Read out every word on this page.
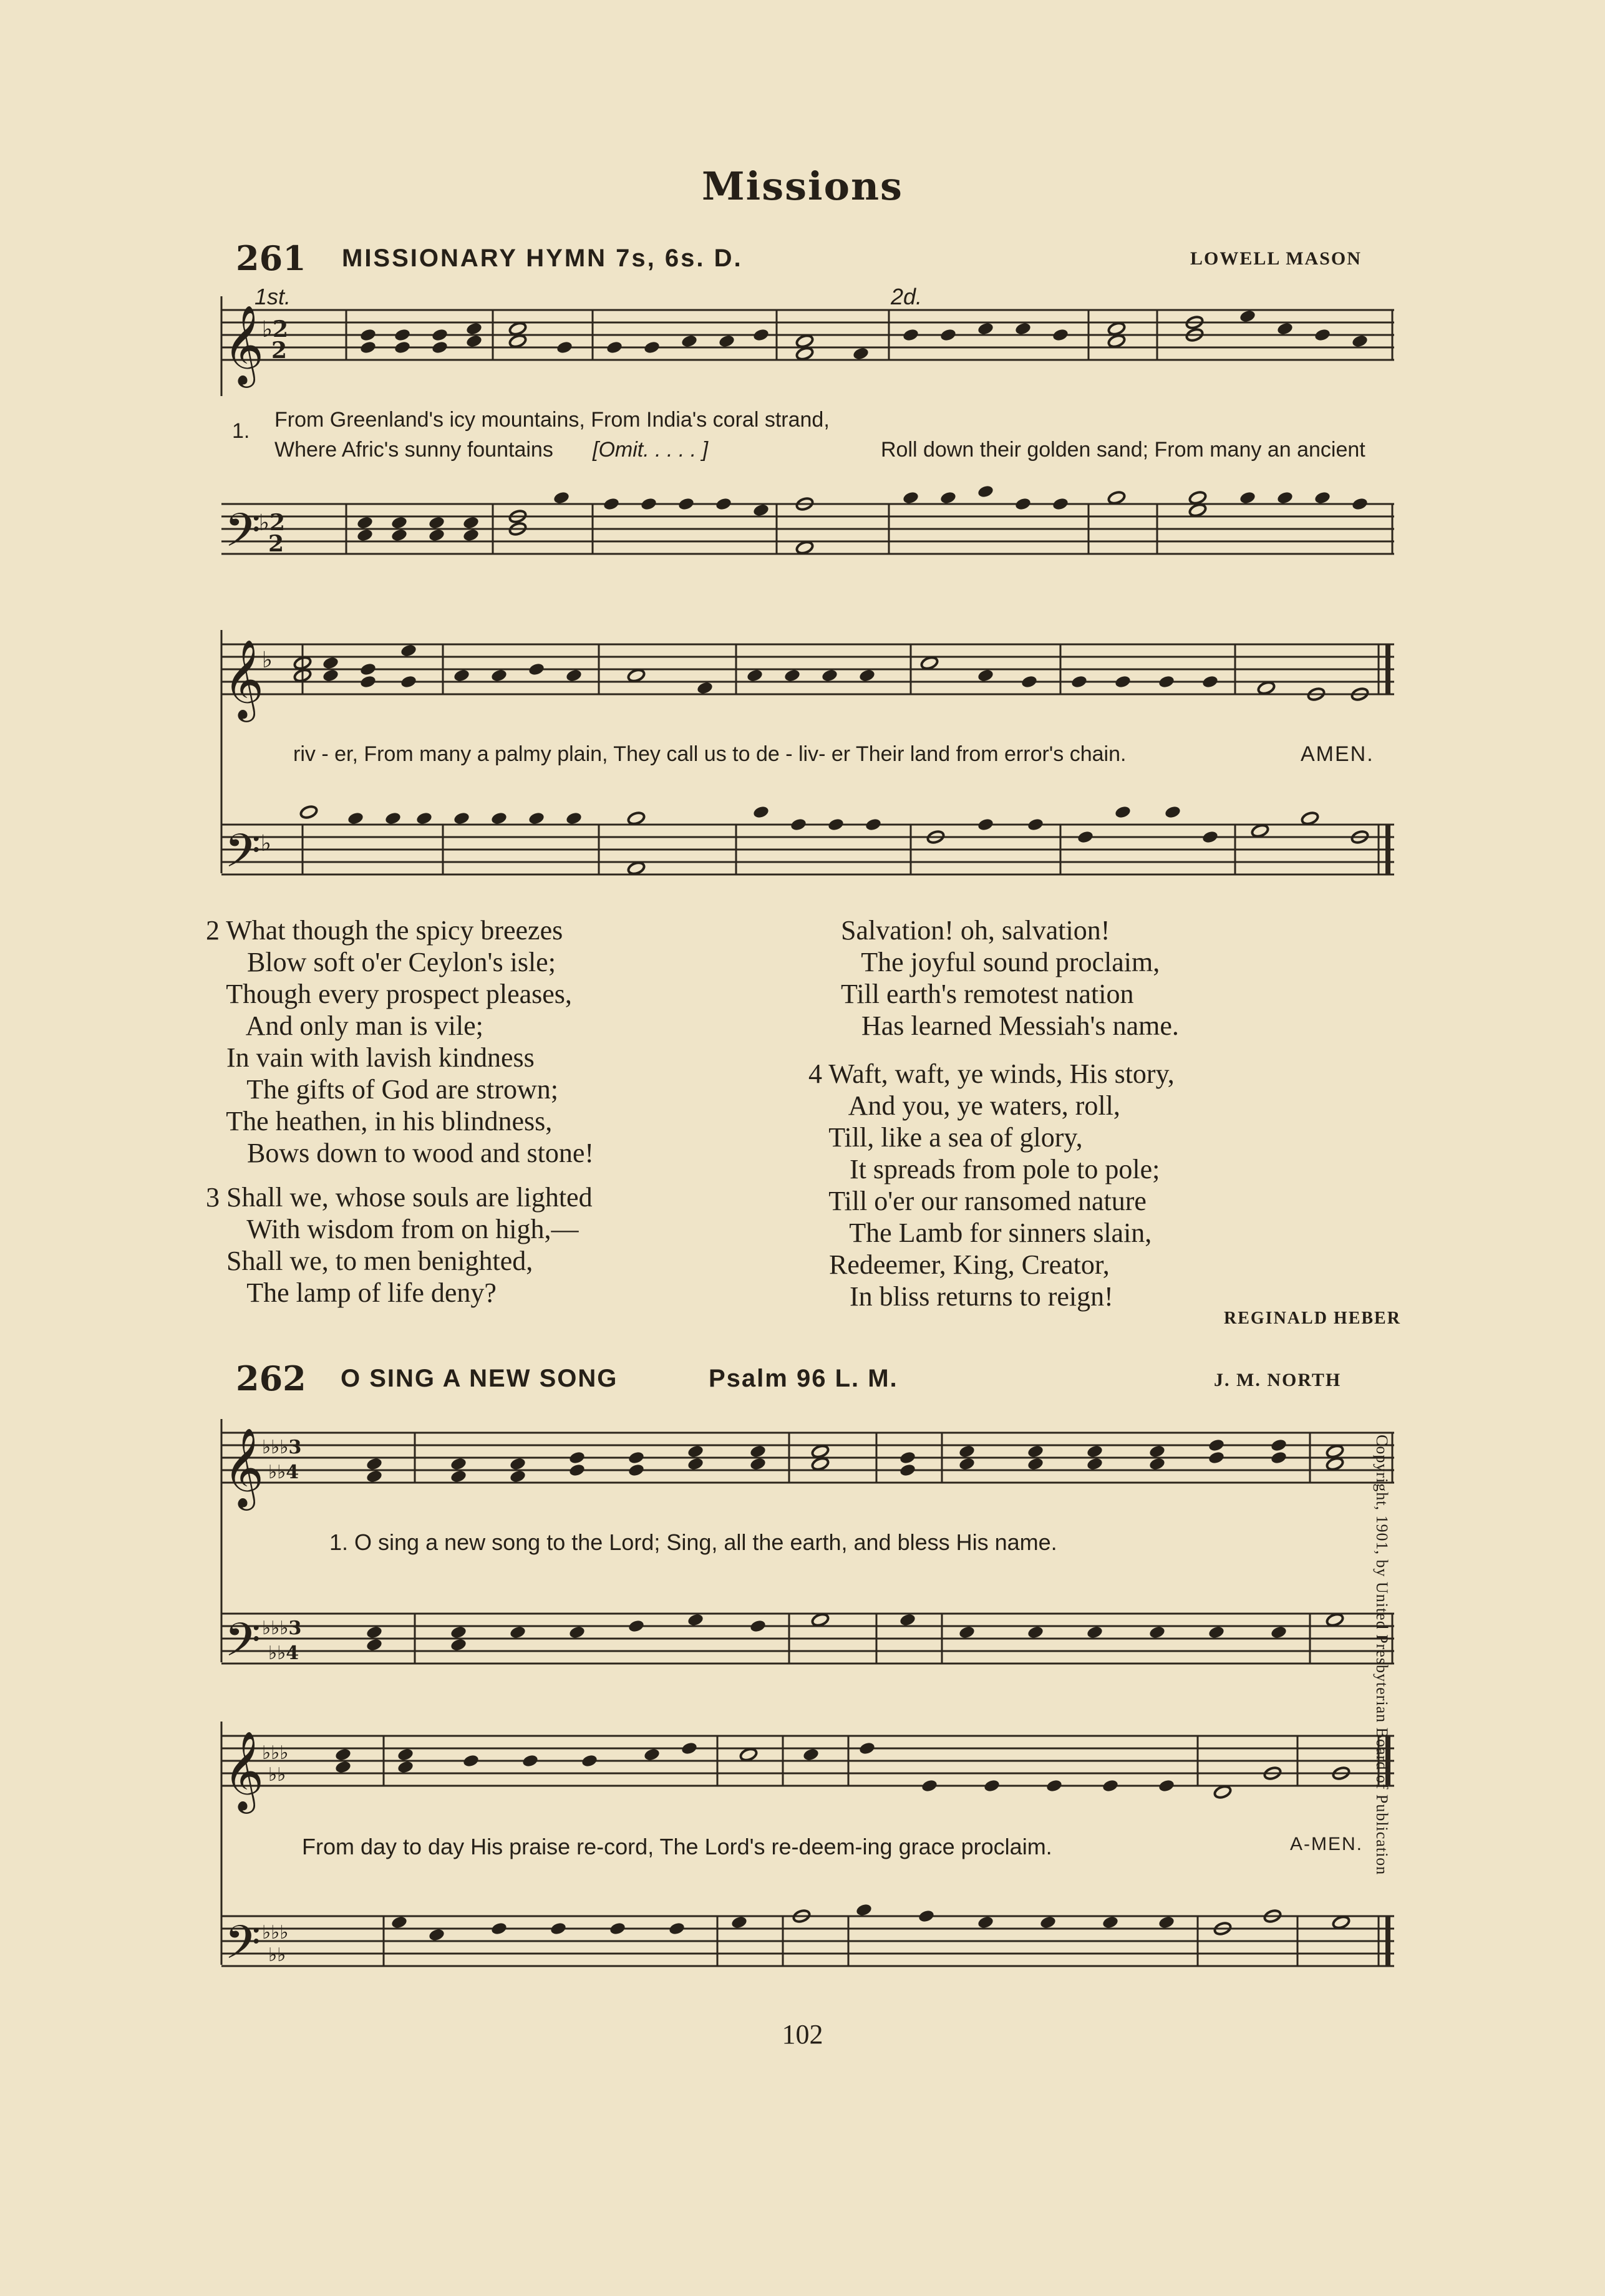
Missions
261 MISSIONARY HYMN 7s, 6s. D.	LOWELL MASON
𝄞
𝄢
𝄞
𝄢
♭2
2
♭2
2
♭
♭
𝄞
𝄢
𝄞
𝄢
♭♭♭3
♭♭4
♭♭♭3
♭♭4
♭♭♭
♭♭
♭♭♭
♭♭
1st.	2d.
1. From Greenland's icy mountains, From India's coral strand,
Where Afric's sunny fountains [Omit. . . . . ]	Roll down their golden sand; From many an ancient
riv - er, From many a palmy plain, They call us to de - liv- er Their land from error's chain.	AMEN.
2 What though the spicy breezes
Blow soft o'er Ceylon's isle;
Though every prospect pleases,
And only man is vile;
In vain with lavish kindness
The gifts of God are strown;
The heathen, in his blindness,
Bows down to wood and stone!
3 Shall we, whose souls are lighted
With wisdom from on high,—
Shall we, to men benighted,
The lamp of life deny?
Salvation! oh, salvation!
The joyful sound proclaim,
Till earth's remotest nation
Has learned Messiah's name.
4 Waft, waft, ye winds, His story,
And you, ye waters, roll,
Till, like a sea of glory,
It spreads from pole to pole;
Till o'er our ransomed nature
The Lamb for sinners slain,
Redeemer, King, Creator,
In bliss returns to reign!
REGINALD HEBER
262 O SING A NEW SONG	Psalm 96 L. M.	J. M. NORTH
1. O sing a new song to the Lord; Sing, all the earth, and bless His name.
From day to day His praise re-cord, The Lord's re-deem-ing grace proclaim.	A-MEN. Copyright, 1901, by United Presbyterian Board of Publication
102
